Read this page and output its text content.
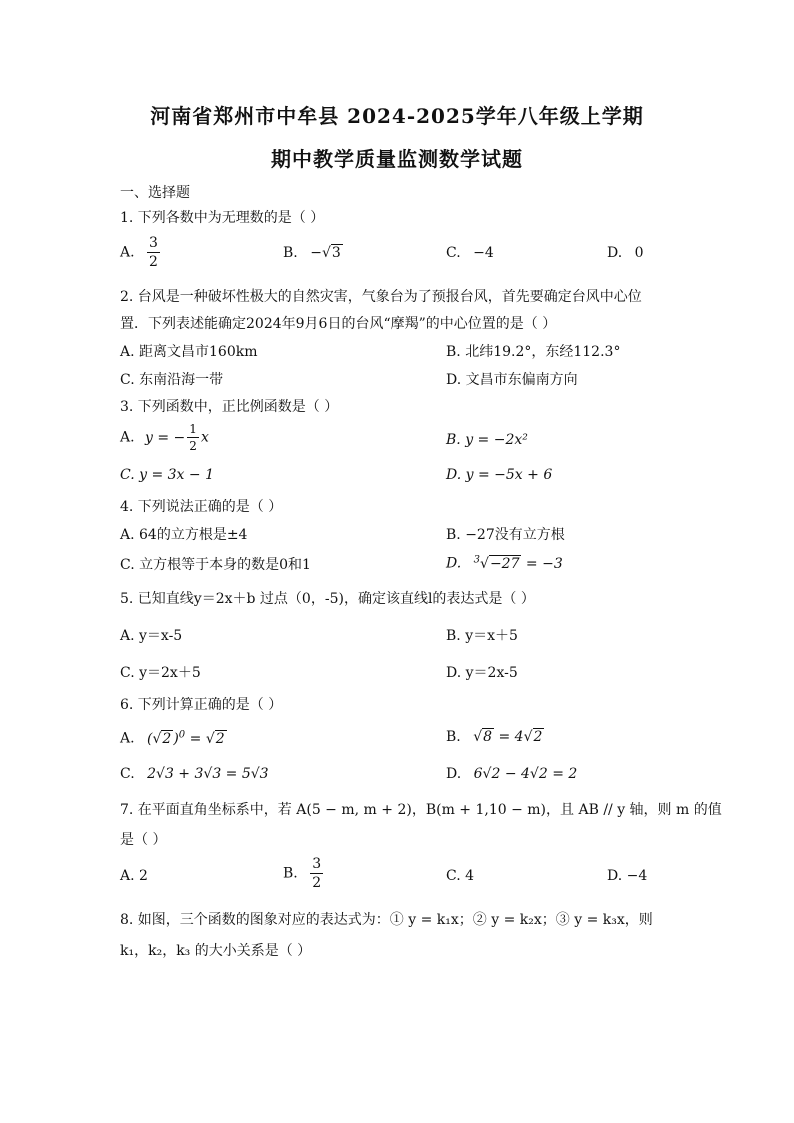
河南省郑州市中牟县 2024-2025学年八年级上学期
期中教学质量监测数学试题
一、选择题
1. 下列各数中为无理数的是（ ）
A. $\frac{3}{2}$	B. −√3	C. −4	D. 0
2. 台风是一种破坏性极大的自然灾害，气象台为了预报台风，首先要确定台风中心位
置．下列表述能确定2024年9月6日的台风“摩羯”的中心位置的是（ ）
A. 距离文昌市160km	B. 北纬19.2°，东经112.3°
C. 东南沿海一带	D. 文昌市东偏南方向
3. 下列函数中，正比例函数是（ ）
A. y = − $\frac{1}{2}$ x	B. y = −2x²
C. y = 3x − 1	D. y = −5x + 6
4. 下列说法正确的是（ ）
A. 64的立方根是±4	B. −27没有立方根
C. 立方根等于本身的数是0和1	D. $^3$√−27 = −3
5. 已知直线y＝2x＋b 过点（0，-5)，确定该直线l的表达式是（ ）
A. y＝x-5	B. y＝x＋5
C. y＝2x＋5	D. y＝2x-5
6. 下列计算正确的是（ ）
A. (√2 )$^0$ = √2	B. √8 = 4√2
C. 2√3 + 3√3 = 5√3	D. 6√2 − 4√2 = 2
7. 在平面直角坐标系中，若 A(5 − m, m + 2)，B(m + 1,10 − m)，且 AB // y 轴，则 m 的值
是（ ）
A. 2	B. $\frac{3}{2}$	C. 4	D. −4
8. 如图，三个函数的图象对应的表达式为：① y = k₁x；② y = k₂x；③ y = k₃x，则
k₁，k₂，k₃ 的大小关系是（ ）
